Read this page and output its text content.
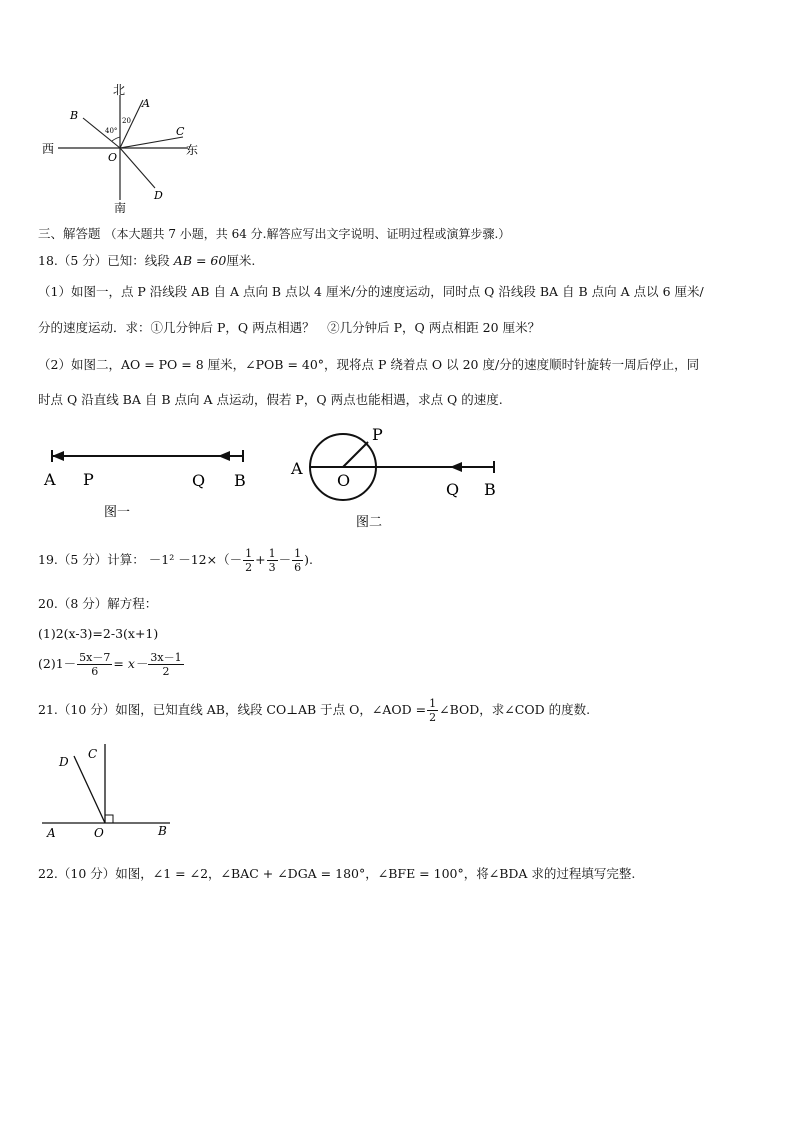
北
南
西	东
A
B
C
D
O
40°
20
三、解答题 （本大题共 7 小题，共 64 分.解答应写出文字说明、证明过程或演算步骤.）
18.（5 分）已知：线段 AB = 60厘米.
（1）如图一，点 P 沿线段 AB 自 A 点向 B 点以 4 厘米/分的速度运动，同时点 Q 沿线段 BA 自 B 点向 A 点以 6 厘米/
分的速度运动．求：①几分钟后 P，Q 两点相遇？　②几分钟后 P，Q 两点相距 20 厘米？
（2）如图二，AO = PO = 8 厘米，∠POB = 40°，现将点 P 绕着点 O 以 20 度/分的速度顺时针旋转一周后停止，同
时点 Q 沿直线 BA 自 B 点向 A 点运动，假若 P，Q 两点也能相遇，求点 Q 的速度.
A P	Q B
图一
A
O
P
Q B
图二
19.（5 分）计算： $-1^2 -12\times(- \frac{1}{2} + \frac{1}{3} - \frac{1}{6}$ ).
20.（8 分）解方程：
(1)2(x-3)=2-3(x+1)
$(2)1- \frac{5x-7}{6} = x- \frac{3x-1}{2}$
21.（10 分）如图，已知直线 AB，线段 CO⊥AB 于点 O，∠AOD = $\frac{1}{2}$ ∠BOD，求∠COD 的度数.
A	O	B
D
C
22.（10 分）如图，∠1 = ∠2，∠BAC + ∠DGA = 180°，∠BFE = 100°，将∠BDA 求的过程填写完整.
